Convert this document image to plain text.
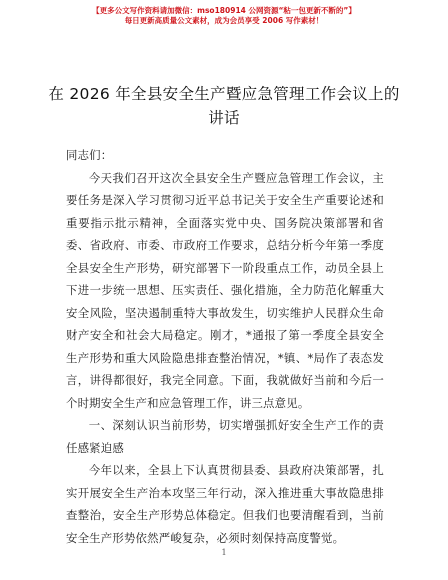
【更多公文写作资料请加微信：mso180914 公网资源“粘一包更新不断的”】
每日更新高质量公文素材，成为会员享受 2006 写作素材！
在 2026 年全县安全生产暨应急管理工作会议上的讲话

同志们：

今天我们召开这次全县安全生产暨应急管理工作会议，主要任务是深入学习贯彻习近平总书记关于安全生产重要论述和重要指示批示精神，全面落实党中央、国务院决策部署和省委、省政府、市委、市政府工作要求，总结分析今年第一季度全县安全生产形势，研究部署下一阶段重点工作，动员全县上下进一步统一思想、压实责任、强化措施，全力防范化解重大安全风险，坚决遏制重特大事故发生，切实维护人民群众生命财产安全和社会大局稳定。刚才，*通报了第一季度全县安全生产形势和重大风险隐患排查整治情况，*镇、*局作了表态发言，讲得都很好，我完全同意。下面，我就做好当前和今后一个时期安全生产和应急管理工作，讲三点意见。

一、深刻认识当前形势，切实增强抓好安全生产工作的责任感紧迫感

今年以来，全县上下认真贯彻县委、县政府决策部署，扎实开展安全生产治本攻坚三年行动，深入推进重大事故隐患排查整治，安全生产形势总体稳定。但我们也要清醒看到，当前安全生产形势依然严峻复杂，必须时刻保持高度警觉。

1
